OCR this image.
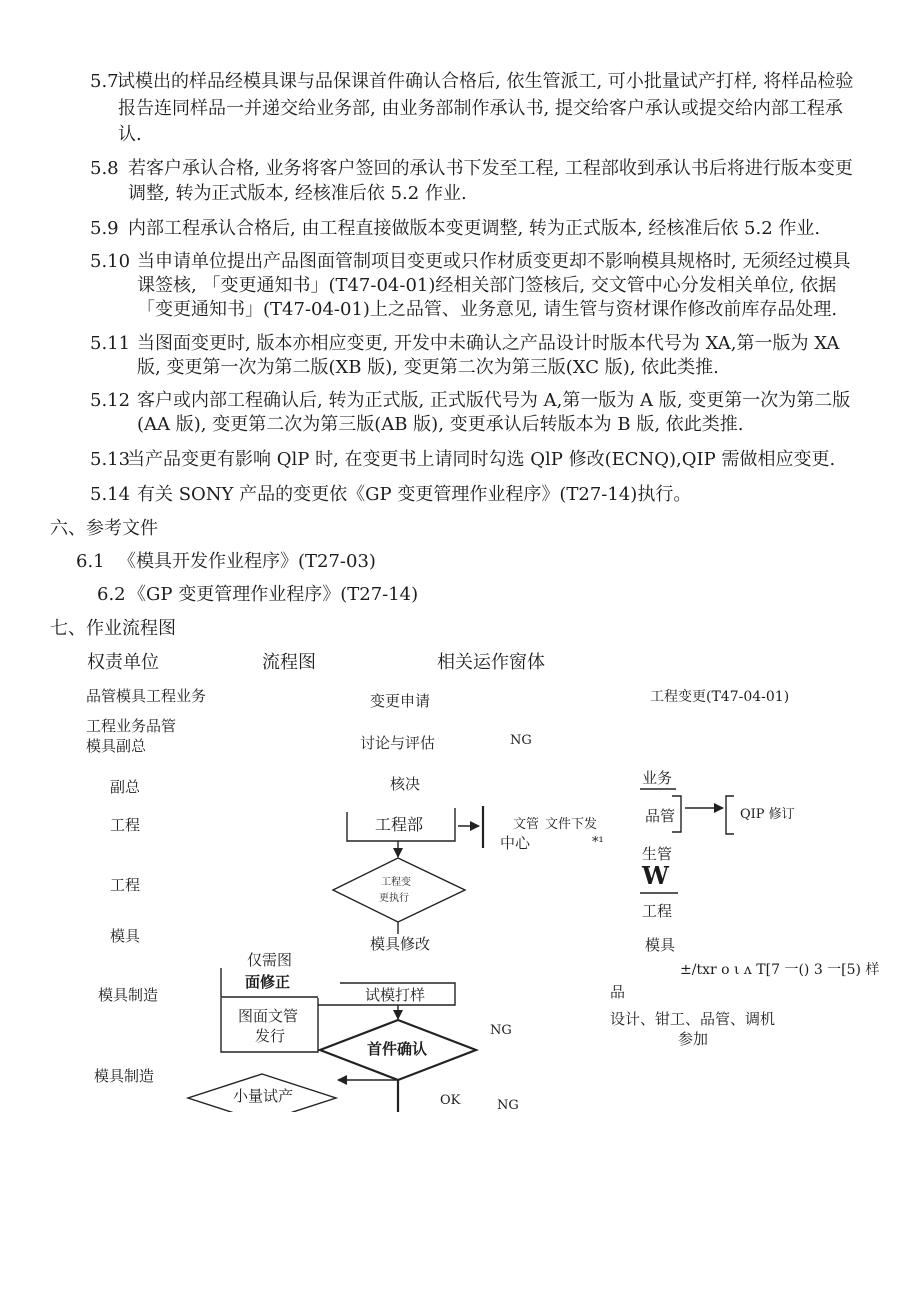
5.7
试模出的样品经模具课与品保课首件确认合格后, 依生管派工, 可小批量试产打样, 将样品检验
报告连同样品一并递交给业务部, 由业务部制作承认书, 提交给客户承认或提交给内部工程承
认.
5.8 若客户承认合格, 业务将客户签回的承认书下发至工程, 工程部收到承认书后将进行版本变更
调整, 转为正式版本, 经核准后依 5.2 作业.
5.9 内部工程承认合格后, 由工程直接做版本变更调整, 转为正式版本, 经核准后依 5.2 作业.
5.10 当申请单位提出产品图面管制项目变更或只作材质变更却不影响模具规格时, 无须经过模具
课签核, 「变更通知书」(T47-04-01)经相关部门签核后, 交文管中心分发相关单位, 依据
「变更通知书」(T47-04-01)上之品管、业务意见, 请生管与资材课作修改前库存品处理.
5.11 当图面变更时, 版本亦相应变更, 开发中未确认之产品设计时版本代号为 XA,第一版为 XA
版, 变更第一次为第二版(XB 版), 变更第二次为第三版(XC 版), 依此类推.
5.12 客户或内部工程确认后, 转为正式版, 正式版代号为 A,第一版为 A 版, 变更第一次为第二版
(AA 版), 变更第二次为第三版(AB 版), 变更承认后转版本为 B 版, 依此类推.
5.13
当产品变更有影响 QlP 时, 在变更书上请同时勾选 QlP 修改(ECNQ),QIP 需做相应变更.
5.14 有关 SONY 产品的变更依《GP 变更管理作业程序》(T27-14)执行。
六、参考文件
6.1 《模具开发作业程序》(T27-03)
6.2 《GP 变更管理作业程序》(T27-14)
七、作业流程图
权责单位	流程图	相关运作窗体
品管模具工程业务
工程业务品管
模具副总
副总
工程
工程
模具
模具制造
模具制造
变更申请
讨论与评估	NG
核决
工程部	文管 文件下发
中心	*¹
工程变
更执行
模具修改
仅需图
面修正
试模打样
图面文管
发行	NG
首件确认
小量试产	OK	NG
工程变更(T47-04-01)
业务
品管	QIP 修订
生管
W
工程
模具
±/txr o ι ʌ T[7 一() 3 一[5) 样
品
设计、钳工、品管、调机
参加
